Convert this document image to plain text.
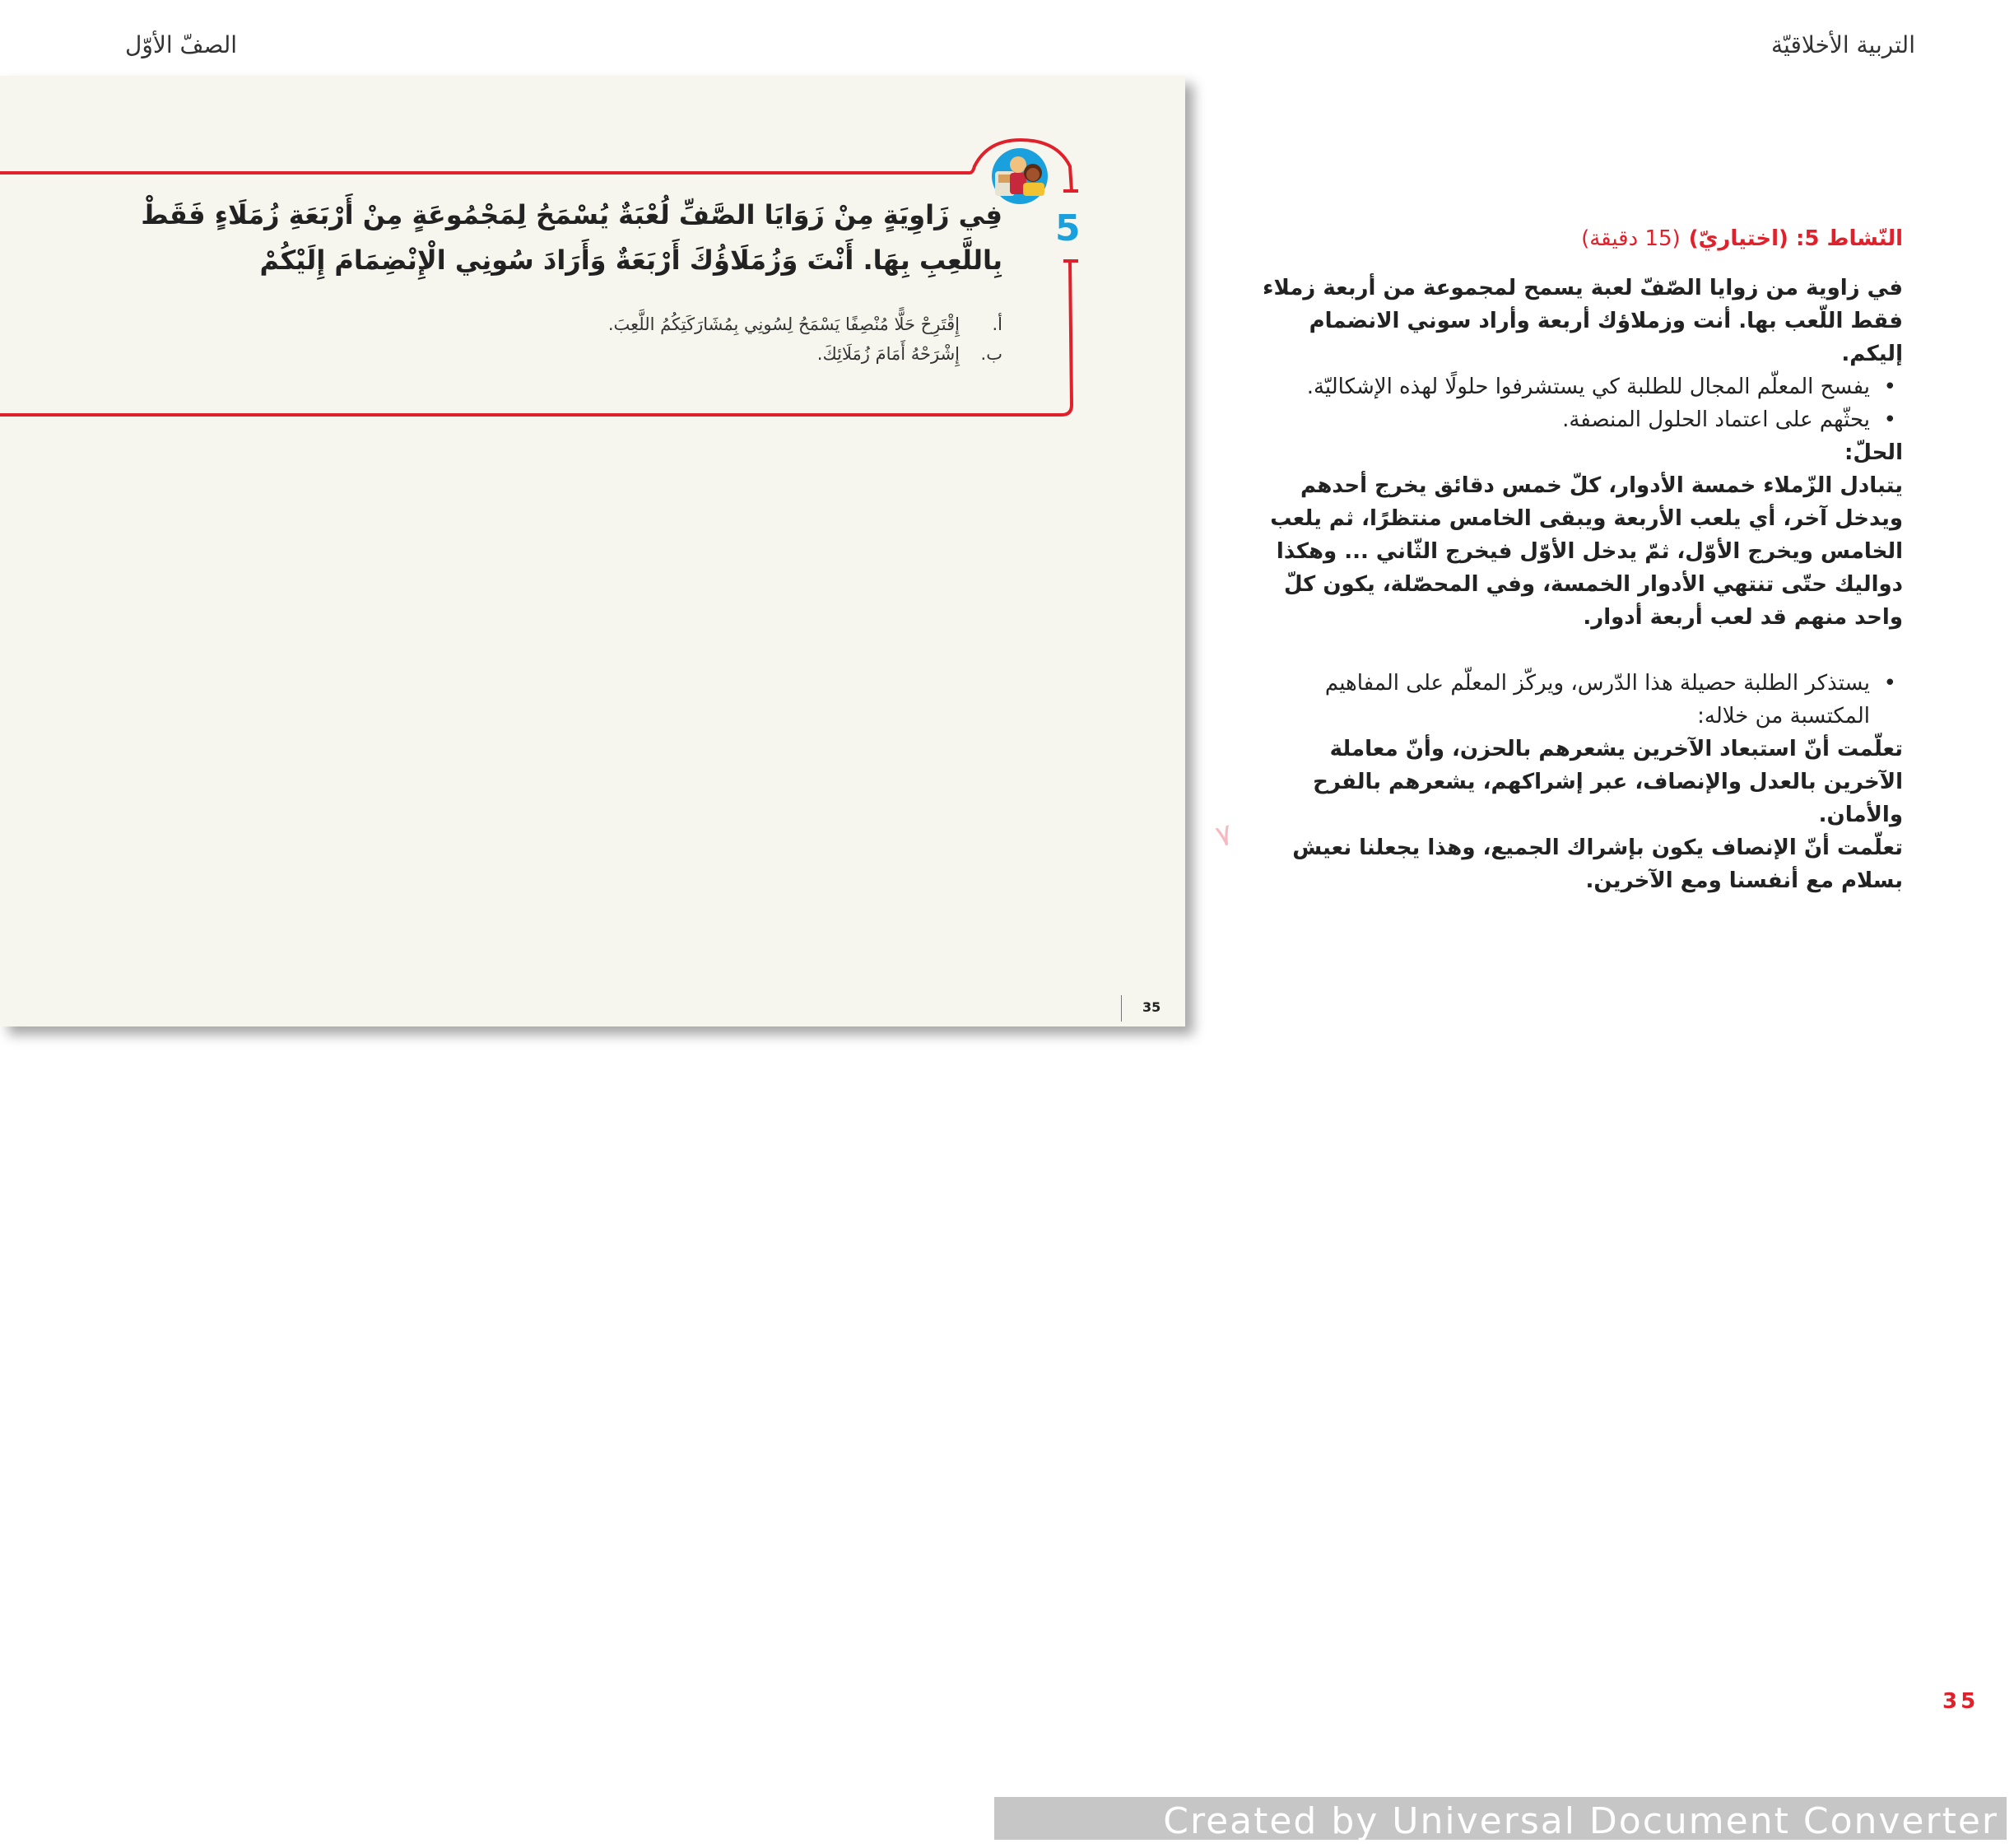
التربية الأخلاقيّة
الصفّ الأوّل
5
فِي زَاوِيَةٍ مِنْ زَوَايَا الصَّفِّ لُعْبَةٌ يُسْمَحُ لِمَجْمُوعَةٍ مِنْ أَرْبَعَةِ زُمَلَاءٍ فَقَطْ
بِاللَّعِبِ بِهَا. أَنْتَ وَزُمَلَاؤُكَ أَرْبَعَةٌ وَأَرَادَ سُونِي الْإِنْضِمَامَ إِلَيْكُمْ
أ.إِقْتَرِحْ حَلًّا مُنْصِفًا يَسْمَحُ لِسُونِي بِمُشَارَكَتِكُمُ اللَّعِبَ.
ب.إِشْرَحْهُ أَمَامَ زُمَلَائِكَ.
35

النّشاط 5: (اختياريّ)(15 دقيقة)

في زاوية من زوايا الصّفّ لعبة يسمح لمجموعة من أربعة زملاء فقط اللّعب بها. أنت وزملاؤك أربعة وأراد سوني الانضمام إليكم.

• يفسح المعلّم المجال للطلبة كي يستشرفوا حلولًا لهذه الإشكاليّة.

• يحثّهم على اعتماد الحلول المنصفة.

الحلّ:

يتبادل الزّملاء خمسة الأدوار، كلّ خمس دقائق يخرج أحدهم ويدخل آخر، أي يلعب الأربعة ويبقى الخامس منتظرًا، ثم يلعب الخامس ويخرج الأوّل، ثمّ يدخل الأوّل فيخرج الثّاني ... وهكذا دواليك حتّى تنتهي الأدوار الخمسة، وفي المحصّلة، يكون كلّ واحد منهم قد لعب أربعة أدوار.

• يستذكر الطلبة حصيلة هذا الدّرس، ويركّز المعلّم على المفاهيم المكتسبة من خلاله:

تعلّمت أنّ استبعاد الآخرين يشعرهم بالحزن، وأنّ معاملة الآخرين بالعدل والإنصاف، عبر إشراكهم، يشعرهم بالفرح والأمان.

تعلّمت أنّ الإنصاف يكون بإشراك الجميع، وهذا يجعلنا نعيش بسلام مع أنفسنا ومع الآخرين.

٧
35
Created by Universal Document Converter
